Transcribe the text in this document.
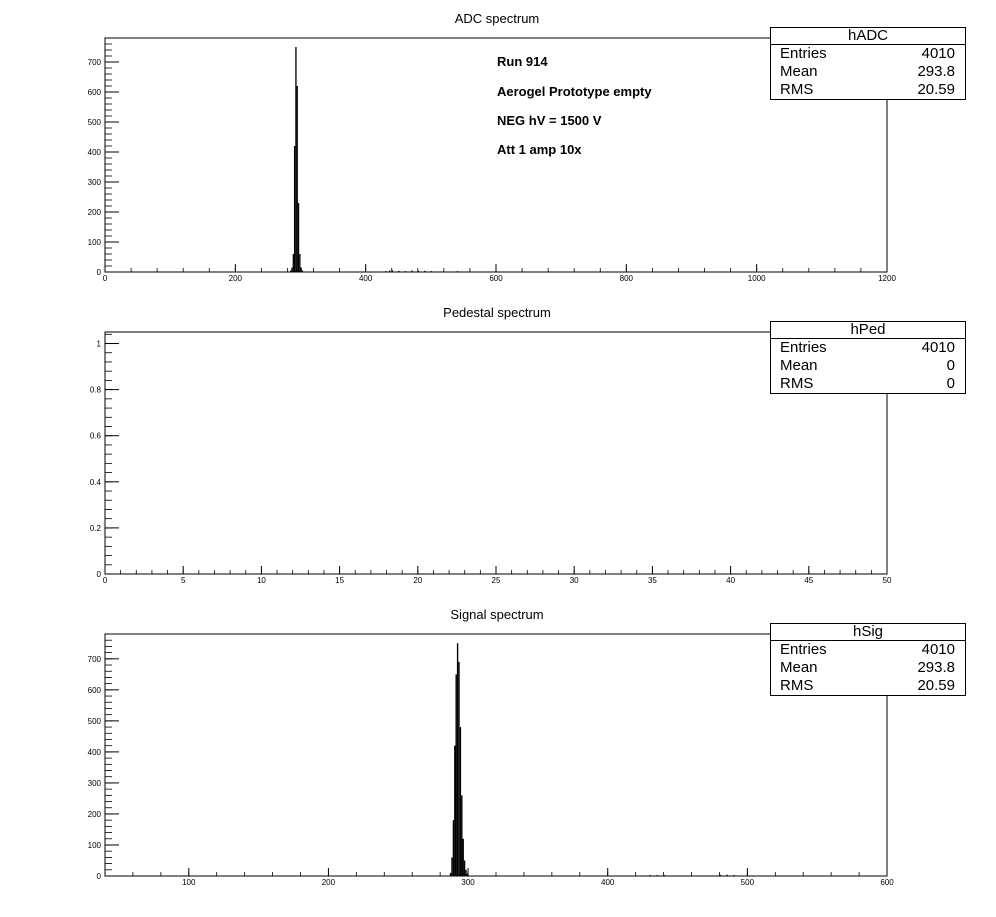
ADC spectrum
0	200	400	600	800	1000	1200
0
100
200
300
400
500
600
700	Run 914
Aerogel Prototype empty
NEG hV = 1500 V
Att 1 amp 10x
Pedestal spectrum
0	5	10	15	20	25	30	35	40	45	50
0
0.2
0.4
0.6
0.8
1
Signal spectrum
100	200	300	400	500	600
0
100
200
300
400
500
600
700
hADC
Entries	4010
Mean	293.8
RMS	20.59
hPed
Entries	4010
Mean	0
RMS	0
hSig
Entries	4010
Mean	293.8
RMS	20.59
